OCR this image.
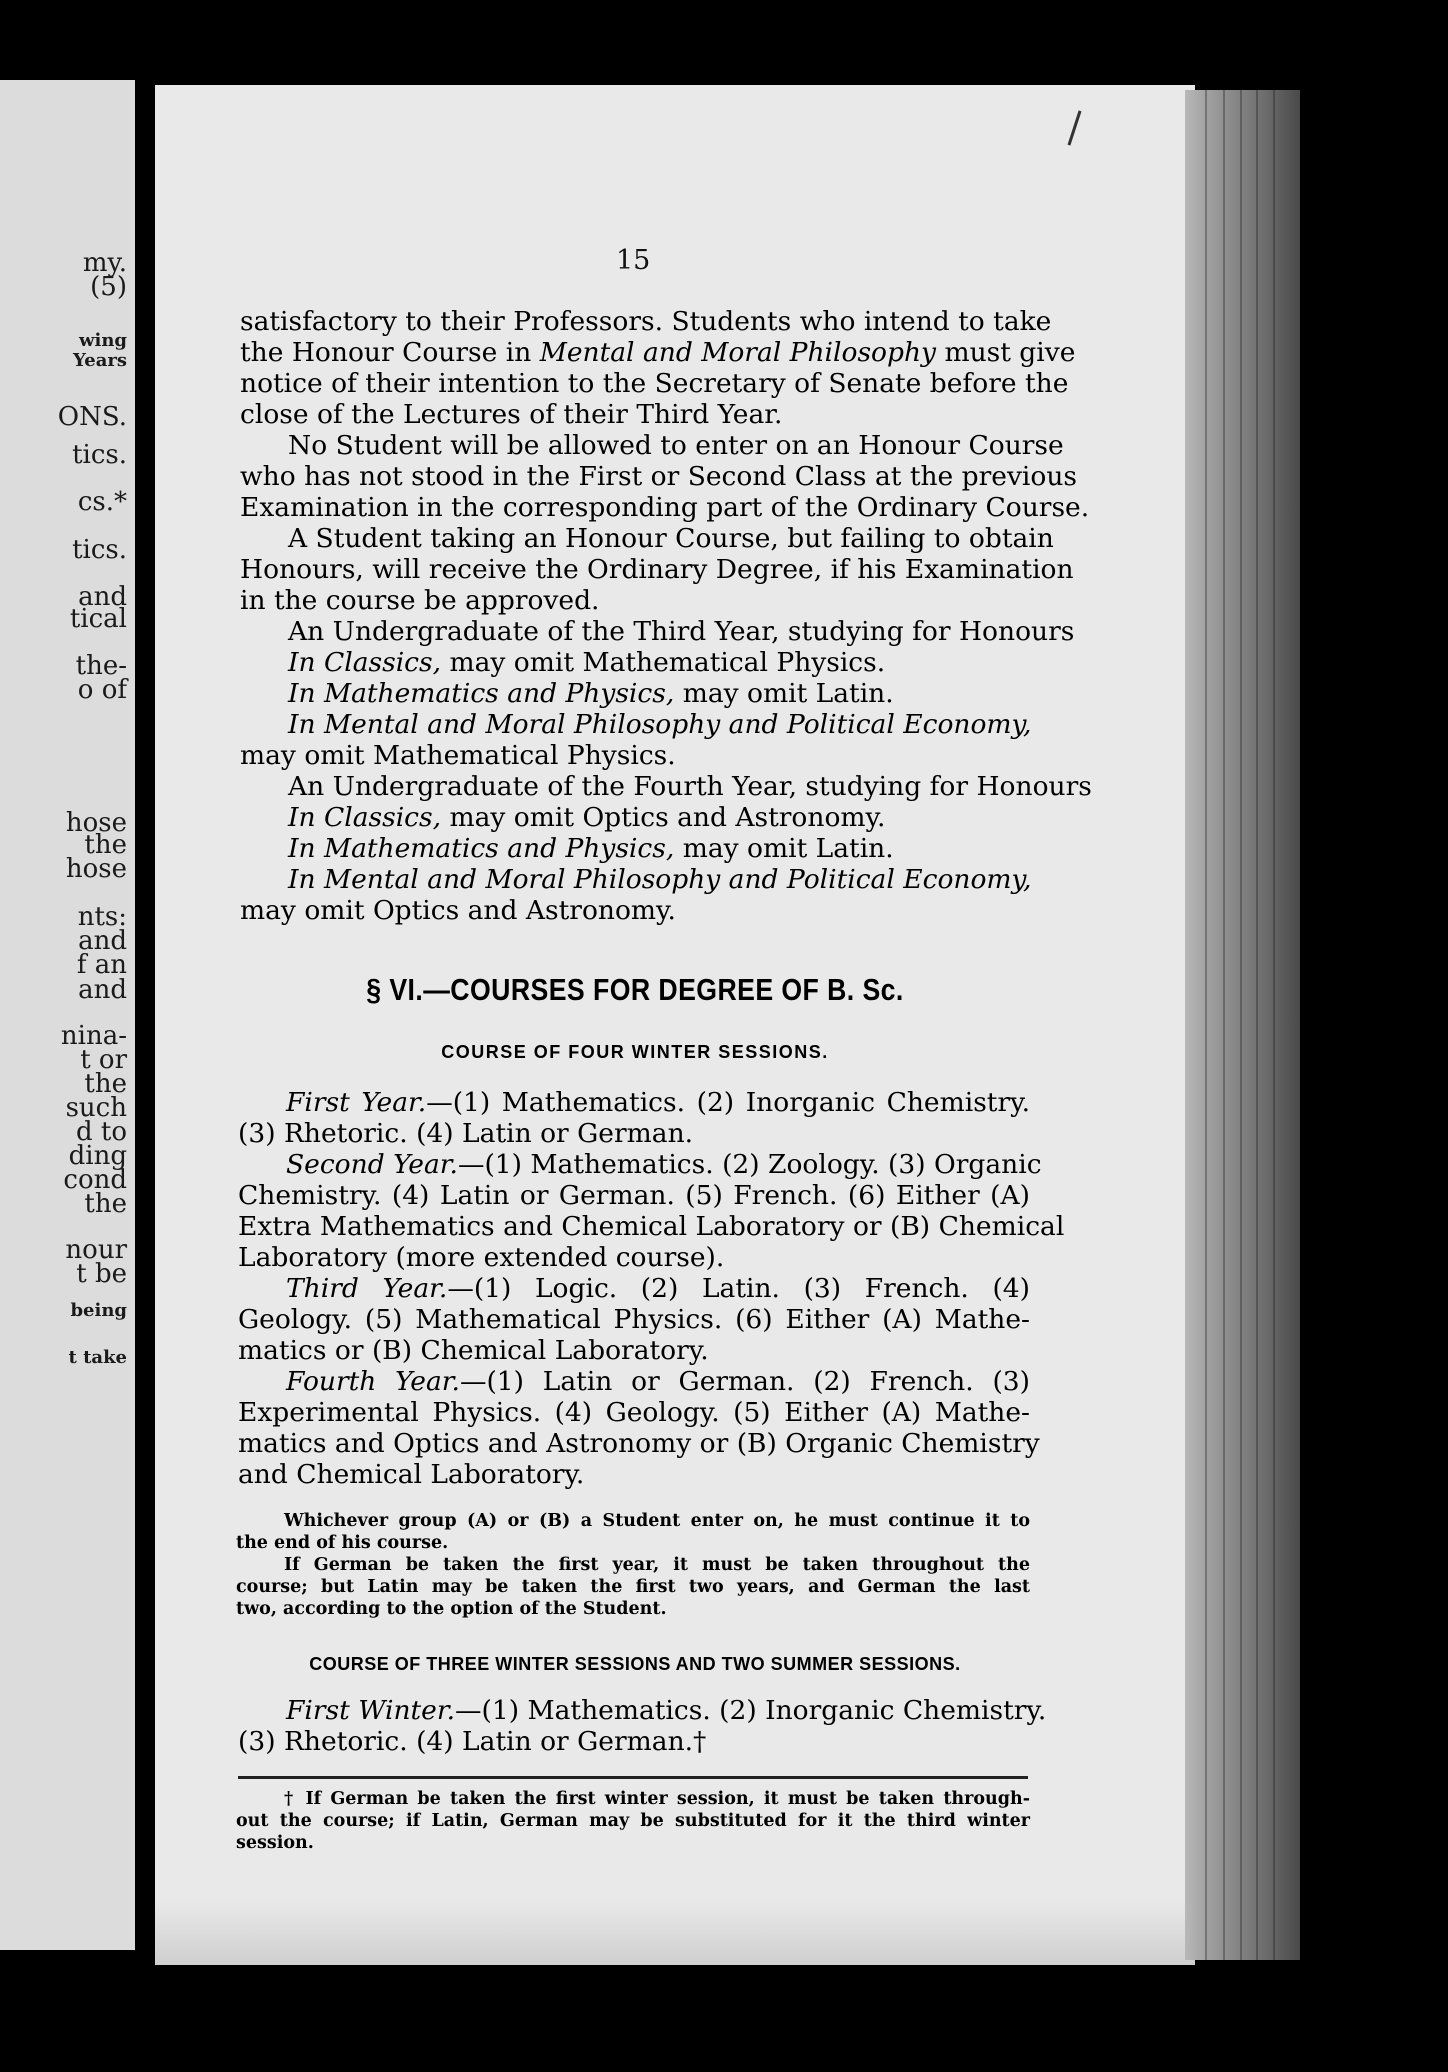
my.
(5)
wing
Years
ONS.
tics.
cs.*
tics.
and
tical
the-
o of
hose
the
hose
nts:
and
f an
and
nina-
t or
the
such
d to
ding
cond
the
nour
t be
being
t take
15
satisfactory to their Professors. Students who intend to take
the Honour Course in Mental and Moral Philosophy must give
notice of their intention to the Secretary of Senate before the
close of the Lectures of their Third Year.
No Student will be allowed to enter on an Honour Course
who has not stood in the First or Second Class at the previous
Examination in the corresponding part of the Ordinary Course.
A Student taking an Honour Course, but failing to obtain
Honours, will receive the Ordinary Degree, if his Examination
in the course be approved.
An Undergraduate of the Third Year, studying for Honours
In Classics, may omit Mathematical Physics.
In Mathematics and Physics, may omit Latin.
In Mental and Moral Philosophy and Political Economy,
may omit Mathematical Physics.
An Undergraduate of the Fourth Year, studying for Honours
In Classics, may omit Optics and Astronomy.
In Mathematics and Physics, may omit Latin.
In Mental and Moral Philosophy and Political Economy,
may omit Optics and Astronomy.
§ VI.—COURSES FOR DEGREE OF B. Sc.
COURSE OF FOUR WINTER SESSIONS.
First Year.—(1) Mathematics. (2) Inorganic Chemistry.
(3) Rhetoric. (4) Latin or German.
Second Year.—(1) Mathematics. (2) Zoology. (3) Organic
Chemistry. (4) Latin or German. (5) French. (6) Either (A)
Extra Mathematics and Chemical Laboratory or (B) Chemical
Laboratory (more extended course).
Third Year.—(1) Logic. (2) Latin. (3) French. (4)
Geology. (5) Mathematical Physics. (6) Either (A) Mathe-
matics or (B) Chemical Laboratory.
Fourth Year.—(1) Latin or German. (2) French. (3)
Experimental Physics. (4) Geology. (5) Either (A) Mathe-
matics and Optics and Astronomy or (B) Organic Chemistry
and Chemical Laboratory.
Whichever group (A) or (B) a Student enter on, he must continue it to
the end of his course.
If German be taken the first year, it must be taken throughout the
course; but Latin may be taken the first two years, and German the last
two, according to the option of the Student.
COURSE OF THREE WINTER SESSIONS AND TWO SUMMER SESSIONS.
First Winter.—(1) Mathematics. (2) Inorganic Chemistry.
(3) Rhetoric. (4) Latin or German.†
† If German be taken the first winter session, it must be taken through-
out the course; if Latin, German may be substituted for it the third winter
session.
